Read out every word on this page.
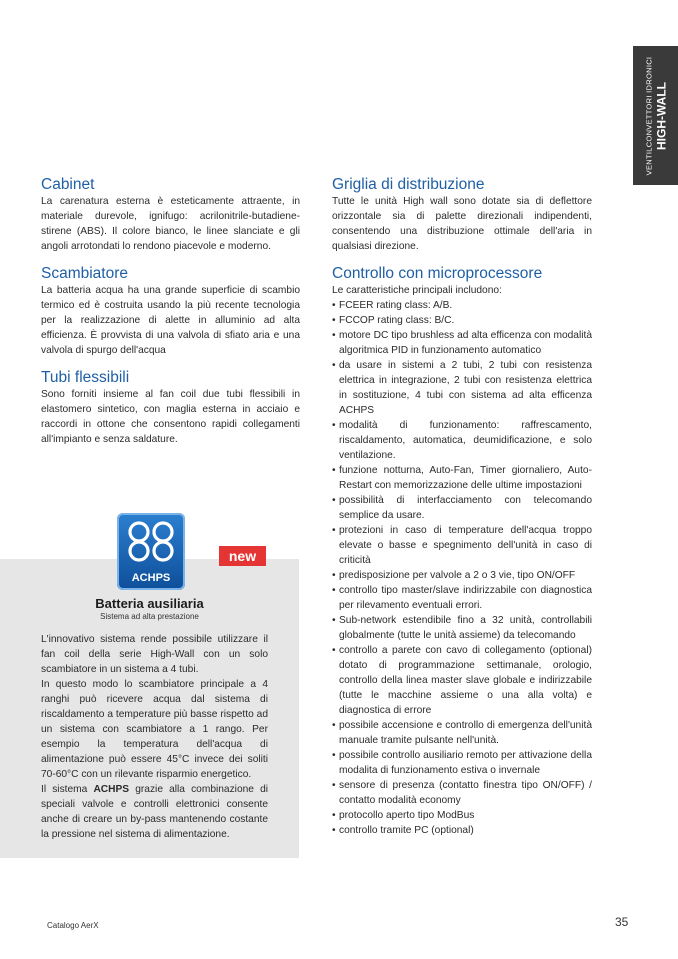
VENTILCONVETTORI IDRONICI HIGH-WALL
Cabinet

La carenatura esterna è esteticamente attraente, in materiale durevole, ignifugo: acrilonitrile-butadiene-stirene (ABS). Il colore bianco, le linee slanciate e gli angoli arrotondati lo rendono piacevole e moderno.

Scambiatore

La batteria acqua ha una grande superficie di scambio termico ed è costruita usando la più recente tecnologia per la realizzazione di alette in alluminio ad alta efficienza. È provvista di una valvola di sfiato aria e una valvola di spurgo dell'acqua

Tubi flessibili

Sono forniti insieme al fan coil due tubi flessibili in elastomero sintetico, con maglia esterna in acciaio e raccordi in ottone che consentono rapidi collegamenti all'impianto e senza saldature.

Griglia di distribuzione

Tutte le unità High wall sono dotate sia di deflettore orizzontale sia di palette direzionali indipendenti, consentendo una distribuzione ottimale dell'aria in qualsiasi direzione.

Controllo con microprocessore

Le caratteristiche principali includono:

• FCEER rating class: A/B.
• FCCOP rating class: B/C.
• motore DC tipo brushless ad alta efficenza con modalità algoritmica PID in funzionamento automatico
• da usare in sistemi a 2 tubi, 2 tubi con resistenza elettrica in integrazione, 2 tubi con resistenza elettrica in sostituzione, 4 tubi con sistema ad alta efficenza ACHPS
• modalità di funzionamento: raffrescamento, riscaldamento, automatica, deumidificazione, e solo ventilazione.
• funzione notturna, Auto-Fan, Timer giornaliero, Auto-Restart con memorizzazione delle ultime impostazioni
• possibilità di interfacciamento con telecomando semplice da usare.
• protezioni in caso di temperature dell'acqua troppo elevate o basse e spegnimento dell'unità in caso di criticità
• predisposizione per valvole a 2 o 3 vie, tipo ON/OFF
• controllo tipo master/slave indirizzabile con diagnostica per rilevamento eventuali errori.
• Sub-network estendibile fino a 32 unità, controllabili globalmente (tutte le unità assieme) da telecomando
• controllo a parete con cavo di collegamento (optional) dotato di programmazione settimanale, orologio, controllo della linea master slave globale e indirizzabile (tutte le macchine assieme o una alla volta) e diagnostica di errore
• possibile accensione e controllo di emergenza dell'unità manuale tramite pulsante nell'unità.
• possibile controllo ausiliario remoto per attivazione della modalita di funzionamento estiva o invernale
• sensore di presenza (contatto finestra tipo ON/OFF) / contatto modalità economy
• protocollo aperto tipo ModBus
• controllo tramite PC (optional)
ACHPS
new
Batteria ausiliaria
Sistema ad alta prestazione

L'innovativo sistema rende possibile utilizzare il fan coil della serie High-Wall con un solo scambiatore in un sistema a 4 tubi.

In questo modo lo scambiatore principale a 4 ranghi può ricevere acqua dal sistema di riscaldamento a temperature più basse rispetto ad un sistema con scambiatore a 1 rango. Per esempio la temperatura dell'acqua di alimentazione può essere 45°C invece dei soliti 70-60°C con un rilevante risparmio energetico.

Il sistema ACHPS grazie alla combinazione di speciali valvole e controlli elettronici consente anche di creare un by-pass mantenendo costante la pressione nel sistema di alimentazione.

Catalogo AerX	35
